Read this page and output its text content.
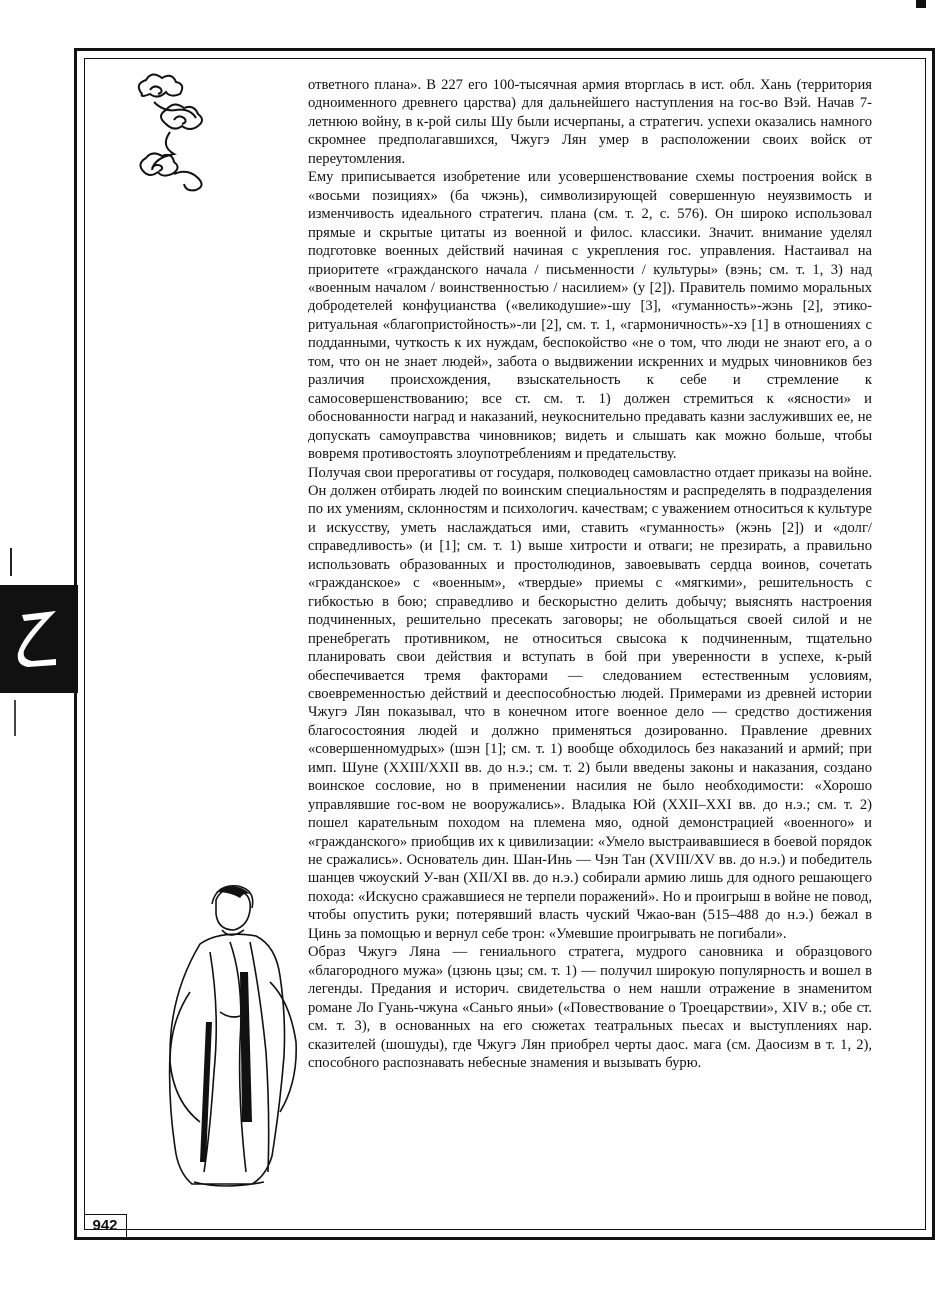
ответного плана». В 227 его 100-тысячная армия вторглась в ист. обл. Хань (территория одноименного древнего царства) для дальнейшего наступления на гос-во Вэй. Начав 7-летнюю войну, в к-рой силы Шу были исчерпаны, а стратегич. успехи оказались намного скромнее предполагавшихся, Чжугэ Лян умер в расположении своих войск от переутомления.

Ему приписывается изобретение или усовершенствование схемы построения войск в «восьми позициях» (ба чжэнь), символизирующей совершенную неуязвимость и изменчивость идеального стратегич. плана (см. т. 2, с. 576). Он широко использовал прямые и скрытые цитаты из военной и филос. классики. Значит. внимание уделял подготовке военных действий начиная с укрепления гос. управления. Настаивал на приоритете «гражданского начала / письменности / культуры» (вэнь; см. т. 1, 3) над «военным началом / воинственностью / насилием» (у [2]). Правитель помимо моральных добродетелей конфуцианства («великодушие»-шу [3], «гуманность»-жэнь [2], этико-ритуальная «благопристойность»-ли [2], см. т. 1, «гармоничность»-хэ [1] в отношениях с подданными, чуткость к их нуждам, беспокойство «не о том, что люди не знают его, а о том, что он не знает людей», забота о выдвижении искренних и мудрых чиновников без различия происхождения, взыскательность к себе и стремление к самосовершенствованию; все ст. см. т. 1) должен стремиться к «ясности» и обоснованности наград и наказаний, неукоснительно предавать казни заслуживших ее, не допускать самоуправства чиновников; видеть и слышать как можно больше, чтобы вовремя противостоять злоупотреблениям и предательству.

Получая свои прерогативы от государя, полководец самовластно отдает приказы на войне. Он должен отбирать людей по воинским специальностям и распределять в подразделения по их умениям, склонностям и психологич. качествам; с уважением относиться к культуре и искусству, уметь наслаждаться ими, ставить «гуманность» (жэнь [2]) и «долг/справедливость» (и [1]; см. т. 1) выше хитрости и отваги; не презирать, а правильно использовать образованных и простолюдинов, завоевывать сердца воинов, сочетать «гражданское» с «военным», «твердые» приемы с «мягкими», решительность с гибкостью в бою; справедливо и бескорыстно делить добычу; выяснять настроения подчиненных, решительно пресекать заговоры; не обольщаться своей силой и не пренебрегать противником, не относиться свысока к подчиненным, тщательно планировать свои действия и вступать в бой при уверенности в успехе, к-рый обеспечивается тремя факторами — следованием естественным условиям, своевременностью действий и дееспособностью людей. Примерами из древней истории Чжугэ Лян показывал, что в конечном итоге военное дело — средство достижения благосостояния людей и должно применяться дозированно. Правление древних «совершенномудрых» (шэн [1]; см. т. 1) вообще обходилось без наказаний и армий; при имп. Шуне (XXIII/XXII вв. до н.э.; см. т. 2) были введены законы и наказания, создано воинское сословие, но в применении насилия не было необходимости: «Хорошо управлявшие гос-вом не вооружались». Владыка Юй (XXII–XXI вв. до н.э.; см. т. 2) пошел карательным походом на племена мяо, одной демонстрацией «военного» и «гражданского» приобщив их к цивилизации: «Умело выстраивавшиеся в боевой порядок не сражались». Основатель дин. Шан-Инь — Чэн Тан (XVIII/XV вв. до н.э.) и победитель шанцев чжоуский У-ван (XII/XI вв. до н.э.) собирали армию лишь для одного решающего похода: «Искусно сражавшиеся не терпели поражений». Но и проигрыш в войне не повод, чтобы опустить руки; потерявший власть чуский Чжао-ван (515–488 до н.э.) бежал в Цинь за помощью и вернул себе трон: «Умевшие проигрывать не погибали».

Образ Чжугэ Ляна — гениального стратега, мудрого сановника и образцового «благородного мужа» (цзюнь цзы; см. т. 1) — получил широкую популярность и вошел в легенды. Предания и историч. свидетельства о нем нашли отражение в знаменитом романе Ло Гуань-чжуна «Саньго яньи» («Повествование о Троецарствии», XIV в.; обе ст. см. т. 3), в основанных на его сюжетах театральных пьесах и выступлениях нар. сказителей (шошуды), где Чжугэ Лян приобрел черты даос. мага (см. Даосизм в т. 1, 2), способного распознавать небесные знамения и вызывать бурю.

942
